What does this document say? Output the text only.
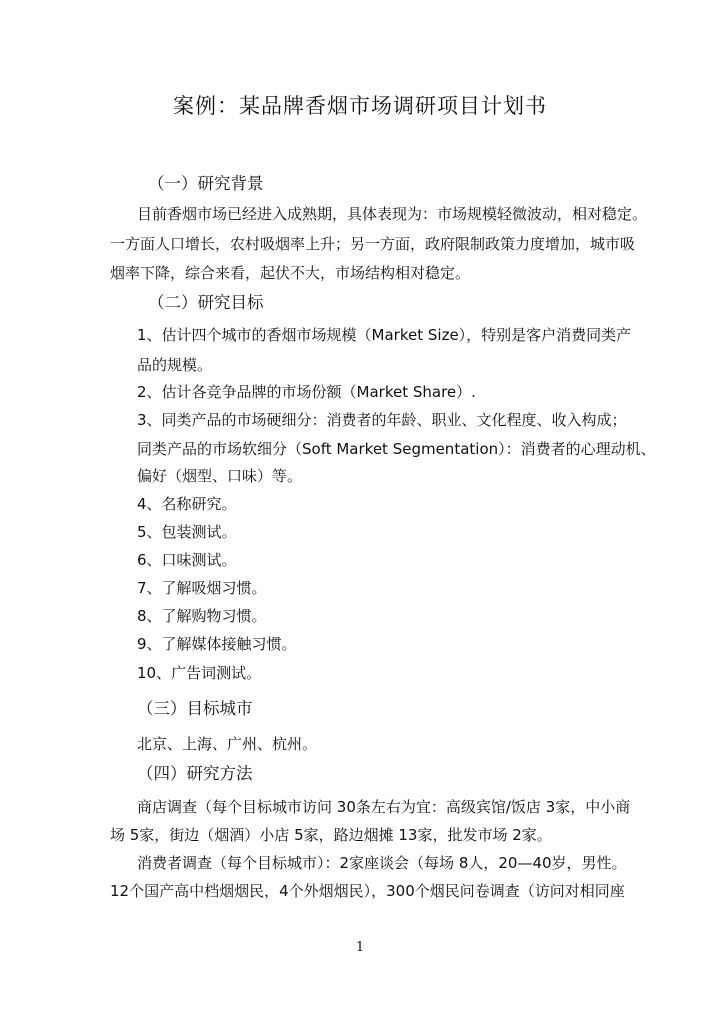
案例：某品牌香烟市场调研项目计划书
（一）研究背景
目前香烟市场已经进入成熟期，具体表现为：市场规模轻微波动，相对稳定。
一方面人口增长，农村吸烟率上升；另一方面，政府限制政策力度增加，城市吸
烟率下降，综合来看，起伏不大，市场结构相对稳定。
（二）研究目标
1、估计四个城市的香烟市场规模（Market Size），特别是客户消费同类产
品的规模。
2、估计各竞争品牌的市场份额（Market Share）.
3、同类产品的市场硬细分：消费者的年龄、职业、文化程度、收入构成；
同类产品的市场软细分（Soft Market Segmentation）：消费者的心理动机、
偏好（烟型、口味）等。
4、名称研究。
5、包装测试。
6、口味测试。
7、了解吸烟习惯。
8、了解购物习惯。
9、了解媒体接触习惯。
10、广告词测试。
（三）目标城市
北京、上海、广州、杭州。
（四）研究方法
商店调查（每个目标城市访问 30条左右为宜：高级宾馆/饭店 3家，中小商
场 5家，街边（烟酒）小店 5家，路边烟摊 13家，批发市场 2家。
消费者调查（每个目标城市）：2家座谈会（每场 8人，20—40岁，男性。
12个国产高中档烟烟民，4个外烟烟民），300个烟民问卷调查（访问对相同座
1
